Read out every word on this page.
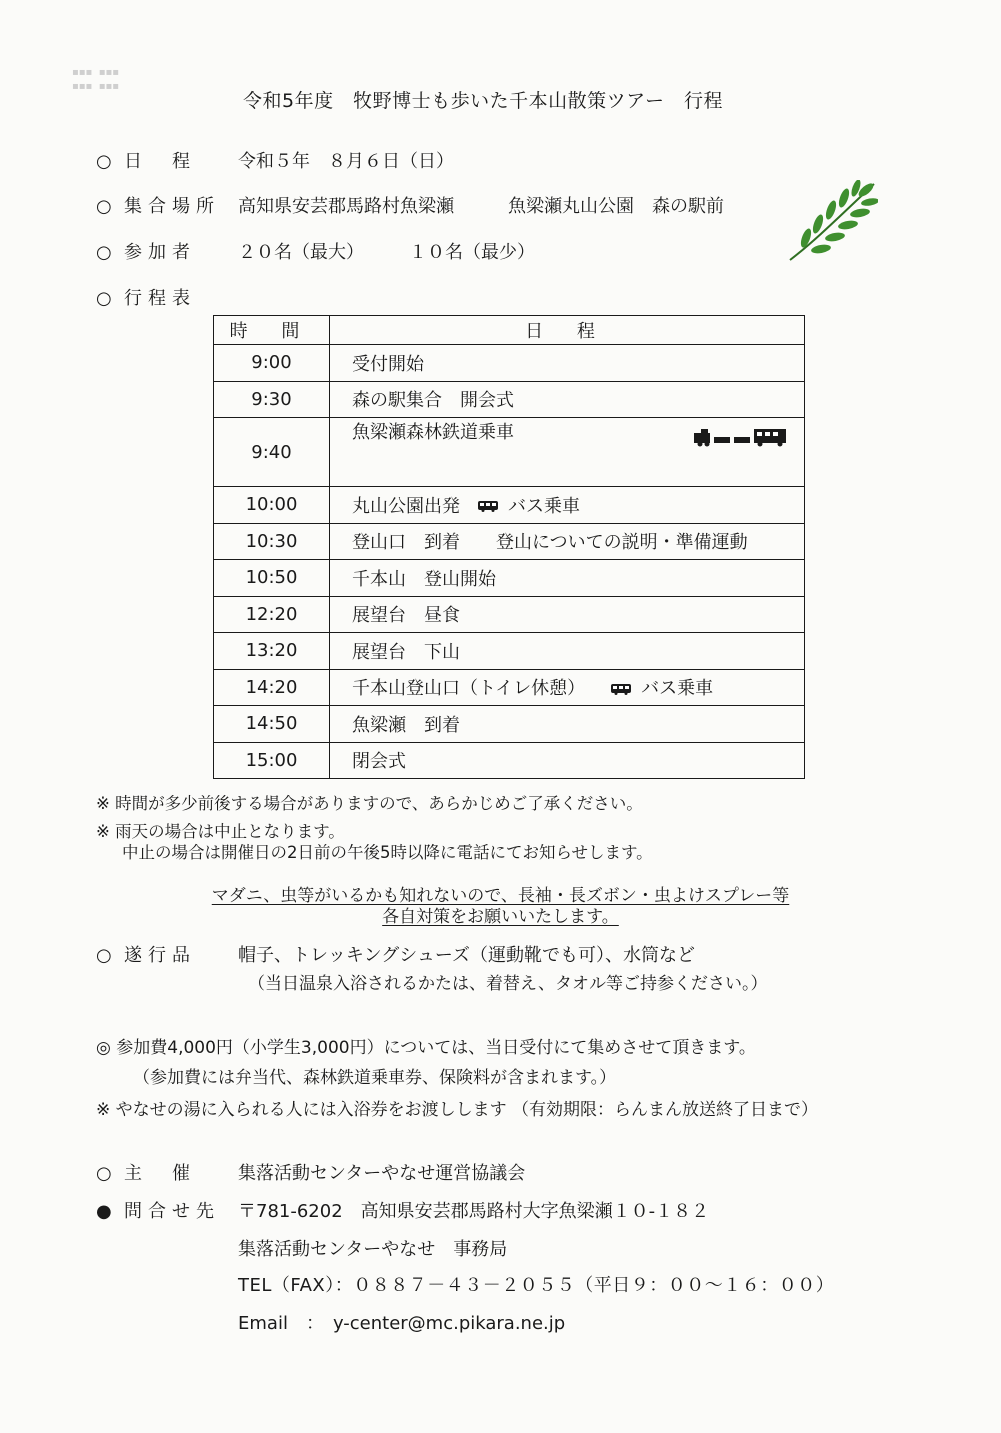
▪▪▪  ▪▪▪
▪▪▪  ▪▪▪
令和5年度　牧野博士も歩いた千本山散策ツアー　行程
○ 日　程 令和５年　８月６日（日）
○ 集合場所 高知県安芸郡馬路村魚梁瀬　　　魚梁瀬丸山公園　森の駅前
○ 参加者 ２０名（最大）　　　１０名（最少）
○ 行程表
時 間	日 程
9:00	受付開始
9:30	森の駅集合　開会式
9:40	魚梁瀬森林鉄道乗車

10:00	丸山公園出発 バス乗車
10:30	登山口　到着　　登山についての説明・準備運動
10:50	千本山　登山開始
12:20	展望台　昼食
13:20	展望台　下山
14:20	千本山登山口（トイレ休憩） バス乗車
14:50	魚梁瀬　到着
15:00	閉会式
※ 時間が多少前後する場合がありますので、あらかじめご了承ください。
※ 雨天の場合は中止となります。
中止の場合は開催日の2日前の午後5時以降に電話にてお知らせします。
マダニ、虫等がいるかも知れないので、長袖・長ズボン・虫よけスプレー等
各自対策をお願いいたします。
○ 遂行品 帽子、トレッキングシューズ（運動靴でも可）、水筒など
（当日温泉入浴されるかたは、着替え、タオル等ご持参ください。）
◎ 参加費4,000円（小学生3,000円）については、当日受付にて集めさせて頂きます。
（参加費には弁当代、森林鉄道乗車券、保険料が含まれます。）
※ やなせの湯に入られる人には入浴券をお渡しします （有効期限：らんまん放送終了日まで）
○ 主　催 集落活動センターやなせ運営協議会
● 問合せ先 〒781-6202　高知県安芸郡馬路村大字魚梁瀬１０-１８２
集落活動センターやなせ　事務局
TEL（FAX）：０８８７－４３－２０５５（平日９：００～１６：００）
Email　：　y-center@mc.pikara.ne.jp
